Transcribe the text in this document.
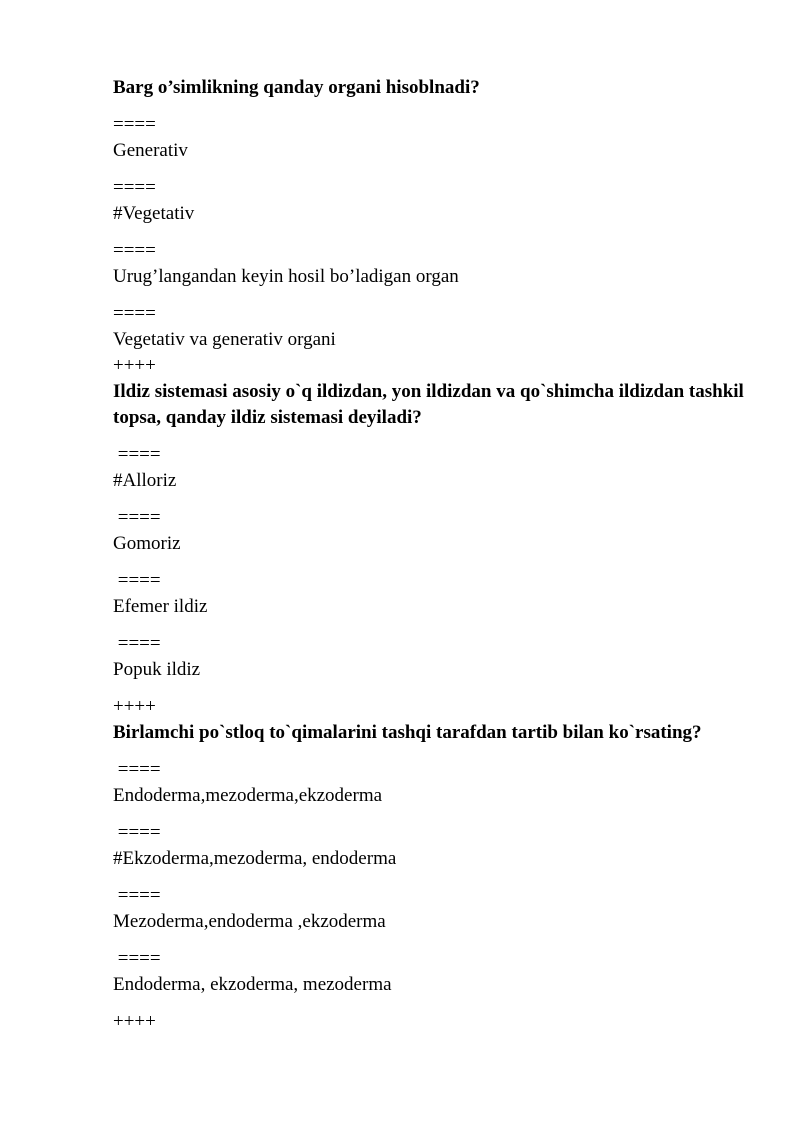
Barg o’simlikning qanday organi hisoblnadi?
====
Generativ
====
#Vegetativ
====
Urug’langandan keyin hosil bo’ladigan organ
====
Vegetativ va generativ organi
++++
Ildiz sistemasi asosiy o`q ildizdan, yon ildizdan va qo`shimcha ildizdan tashkil topsa, qanday ildiz sistemasi deyiladi?
====
#Alloriz
====
Gomoriz
====
Efemer ildiz
====
Popuk ildiz
++++
Birlamchi po`stloq to`qimalarini tashqi tarafdan tartib bilan ko`rsating?
====
Endoderma,mezoderma,ekzoderma
====
#Ekzoderma,mezoderma, endoderma
====
Mezoderma,endoderma ,ekzoderma
====
Endoderma, ekzoderma, mezoderma
++++
